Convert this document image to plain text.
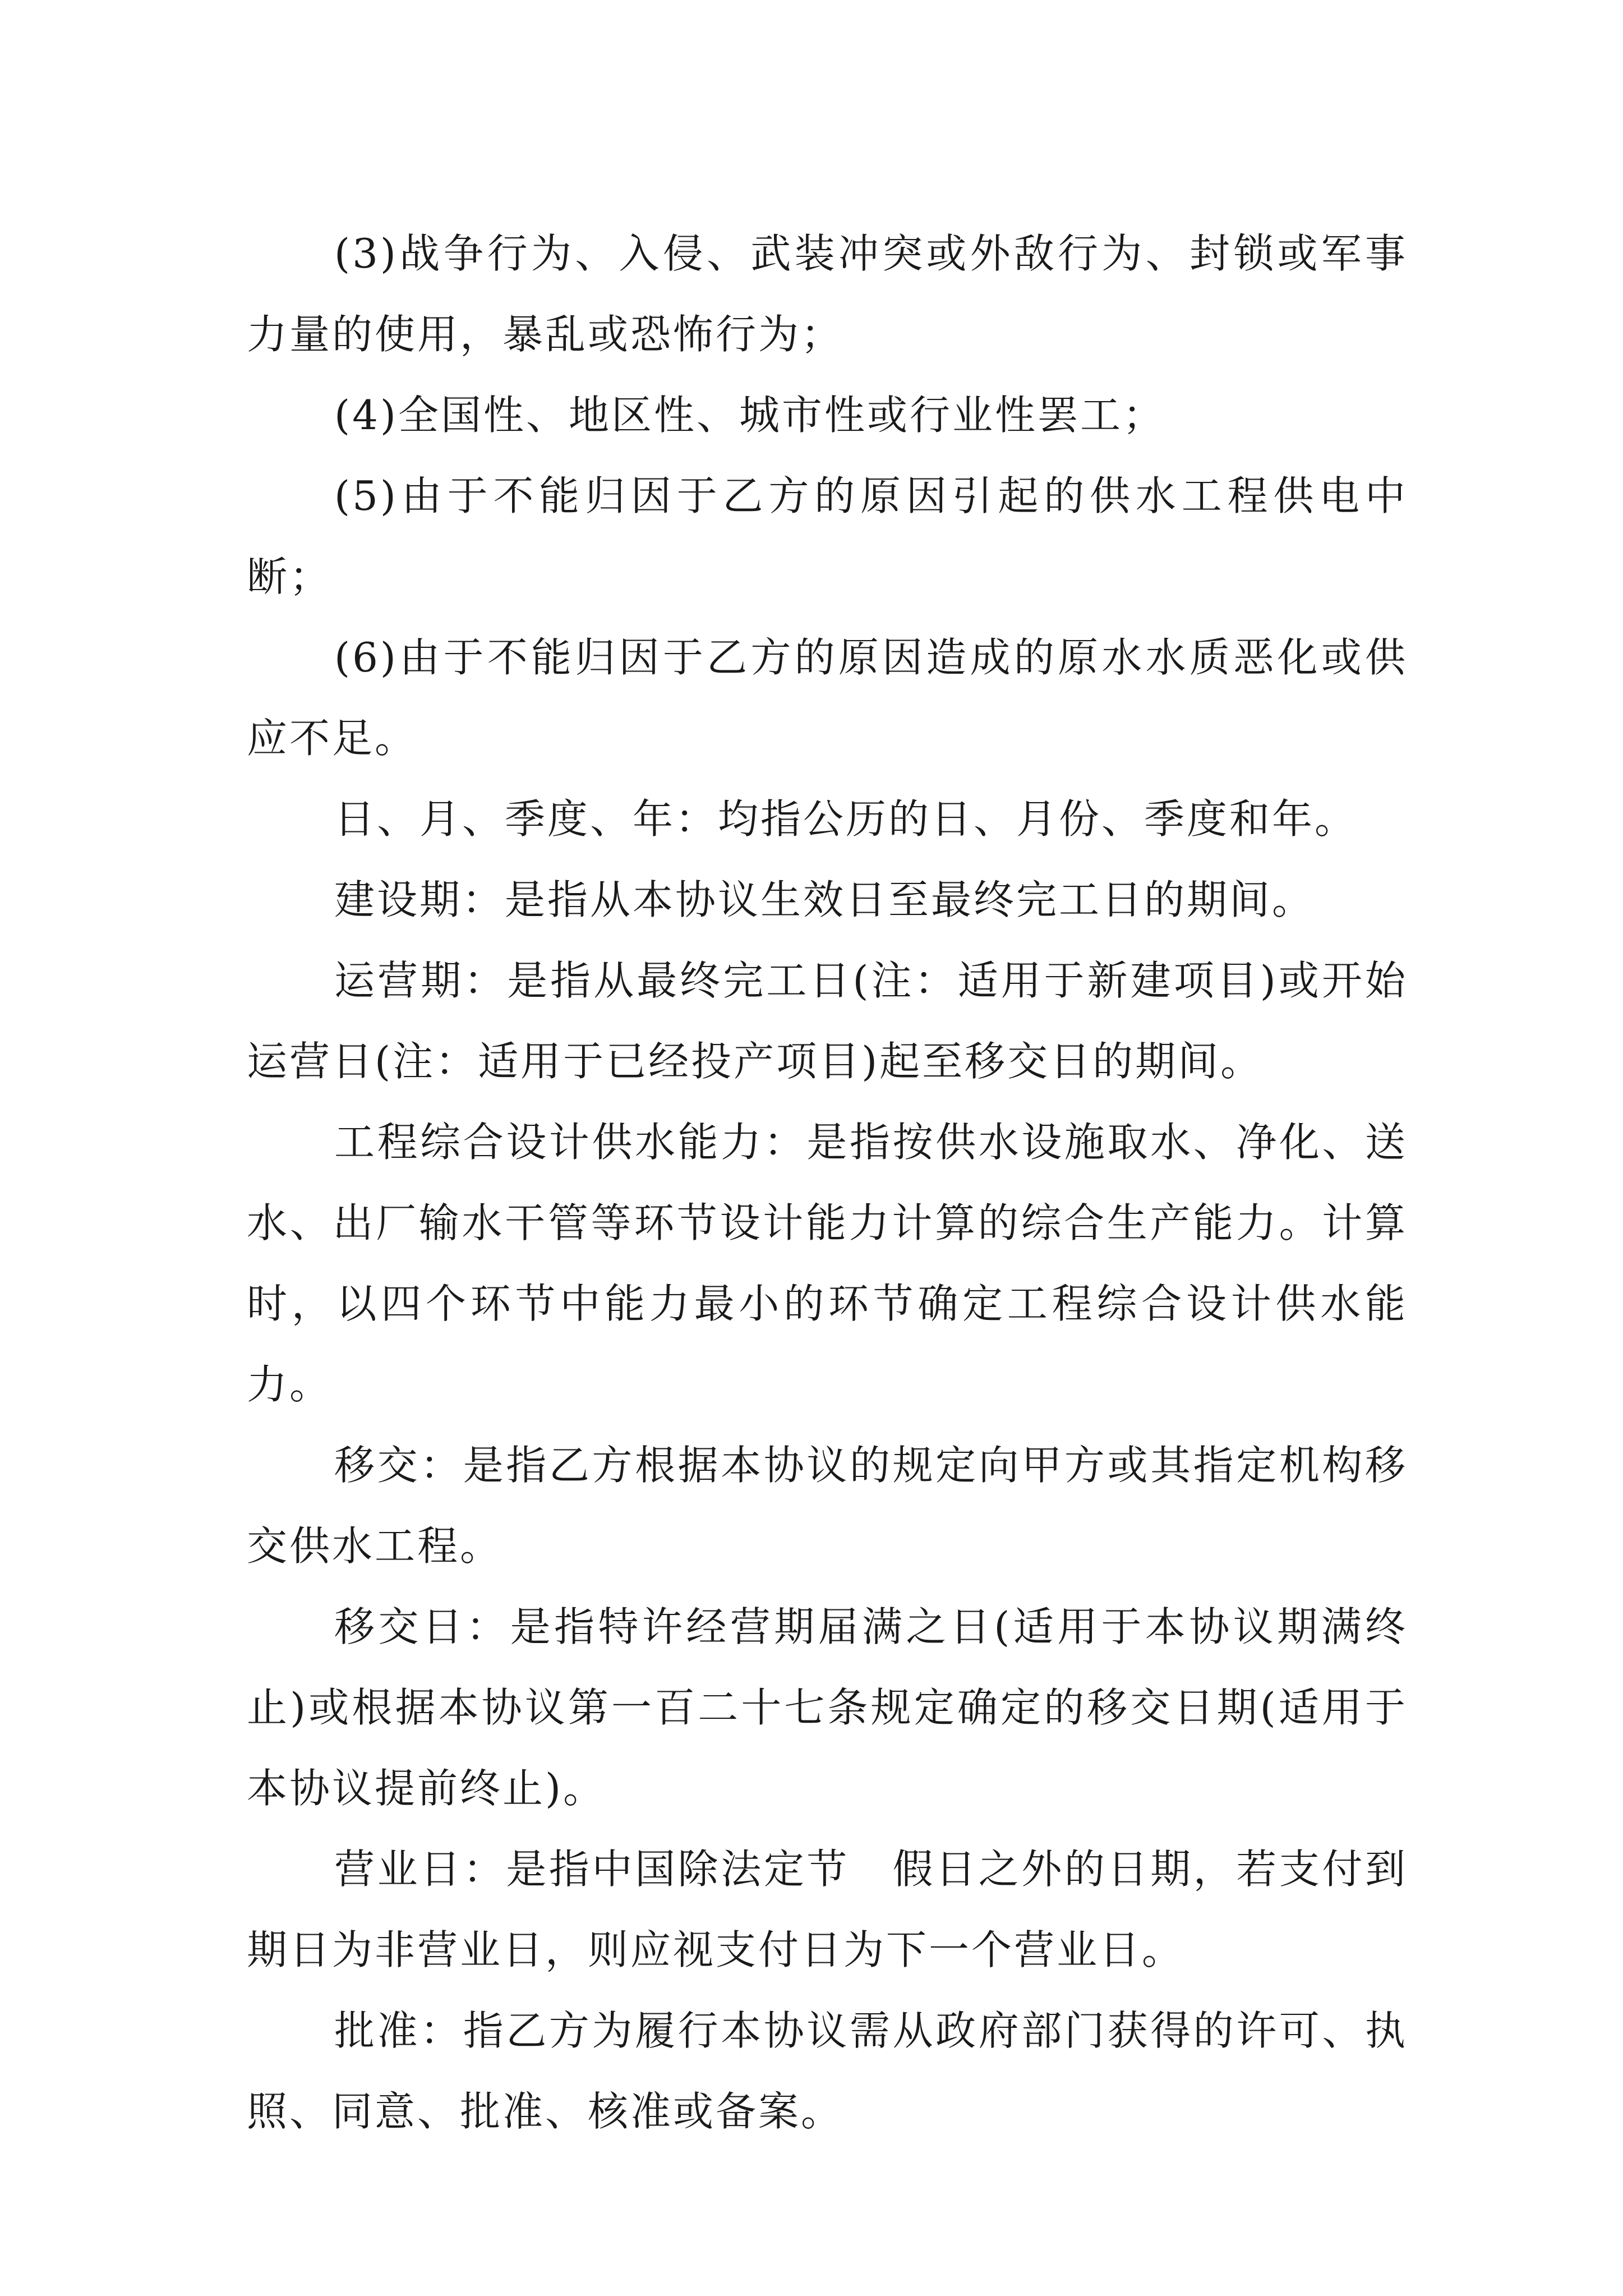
(3)战争行为、入侵、武装冲突或外敌行为、封锁或军事力量的使用，暴乱或恐怖行为；

(4)全国性、地区性、城市性或行业性罢工；

(5)由于不能归因于乙方的原因引起的供水工程供电中断；

(6)由于不能归因于乙方的原因造成的原水水质恶化或供应不足。

日、月、季度、年：均指公历的日、月份、季度和年。

建设期：是指从本协议生效日至最终完工日的期间。

运营期：是指从最终完工日(注：适用于新建项目)或开始运营日(注：适用于已经投产项目)起至移交日的期间。

工程综合设计供水能力：是指按供水设施取水、净化、送水、出厂输水干管等环节设计能力计算的综合生产能力。计算时，以四个环节中能力最小的环节确定工程综合设计供水能力。

移交：是指乙方根据本协议的规定向甲方或其指定机构移交供水工程。

移交日：是指特许经营期届满之日(适用于本协议期满终止)或根据本协议第一百二十七条规定确定的移交日期(适用于本协议提前终止)。

营业日：是指中国除法定节　假日之外的日期，若支付到期日为非营业日，则应视支付日为下一个营业日。

批准：指乙方为履行本协议需从政府部门获得的许可、执照、同意、批准、核准或备案。
